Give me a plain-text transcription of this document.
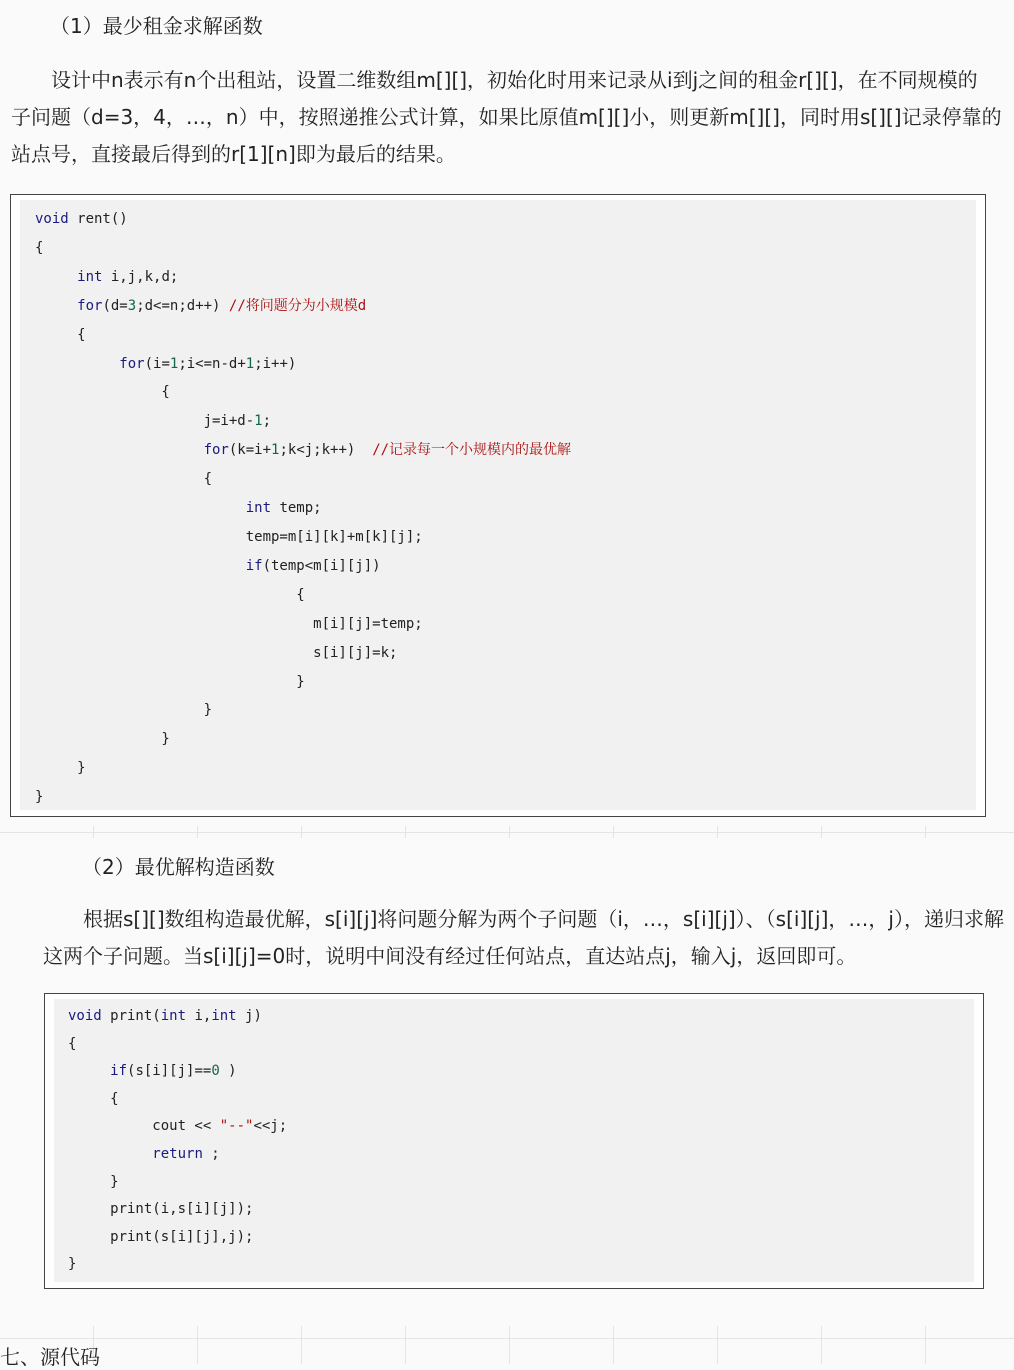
（1）最少租金求解函数
设计中n表示有n个出租站，设置二维数组m[][]，初始化时用来记录从i到j之间的租金r[][]，在不同规模的
子问题（d=3，4，…，n）中，按照递推公式计算，如果比原值m[][]小，则更新m[][]，同时用s[][]记录停靠的
站点号，直接最后得到的r[1][n]即为最后的结果。
void rent()
{
int i,j,k,d;
for(d=3;d<=n;d++) //将问题分为小规模d
{
for(i=1;i<=n-d+1;i++)
{
j=i+d-1;
for(k=i+1;k<j;k++)  //记录每一个小规模内的最优解
{
int temp;
temp=m[i][k]+m[k][j];
if(temp<m[i][j])
{
m[i][j]=temp;
s[i][j]=k;
}
}
}
}
}
（2）最优解构造函数
根据s[][]数组构造最优解，s[i][j]将问题分解为两个子问题（i，…，s[i][j]）、（s[i][j]，…，j），递归求解
这两个子问题。当s[i][j]=0时，说明中间没有经过任何站点，直达站点j，输入j，返回即可。
void print(int i,int j)
{
if(s[i][j]==0 )
{
cout << "--"<<j;
return ;
}
print(i,s[i][j]);
print(s[i][j],j);
}
七、源代码
